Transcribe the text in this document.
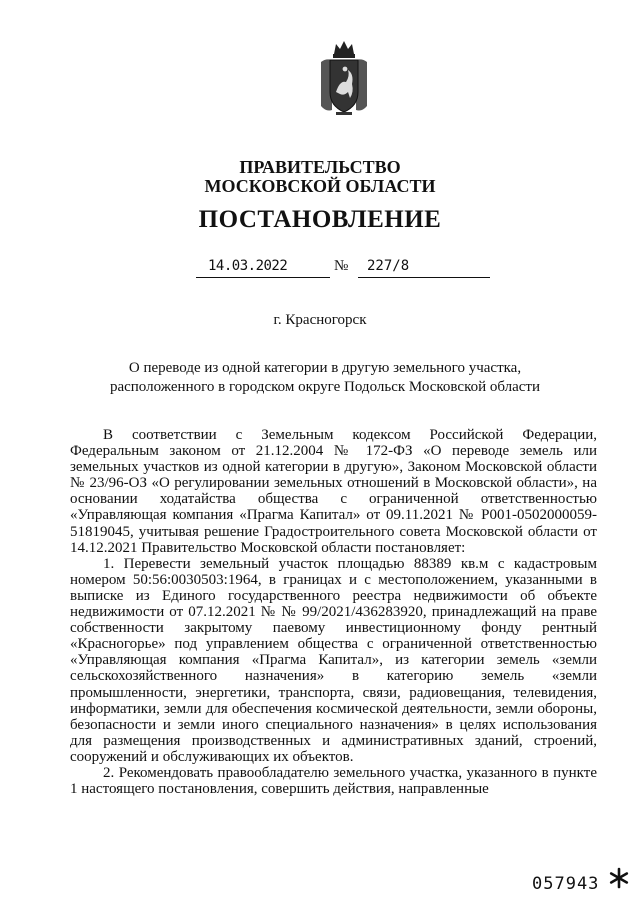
ПРАВИТЕЛЬСТВО
МОСКОВСКОЙ ОБЛАСТИ
ПОСТАНОВЛЕНИЕ
14.03.2022	№ 227/8
г. Красногорск
О переводе из одной категории в другую земельного участка,
расположенного в городском округе Подольск Московской области

В соответствии с Земельным кодексом Российской Федерации, Федеральным законом от 21.12.2004 № 172-ФЗ «О переводе земель или земельных участков из одной категории в другую», Законом Московской области № 23/96-ОЗ «О регулировании земельных отношений в Московской области», на основании ходатайства общества с ограниченной ответственностью «Управляющая компания «Прагма Капитал» от 09.11.2021 № Р001-0502000059-51819045, учитывая решение Градостроительного совета Московской области от 14.12.2021 Правительство Московской области постановляет:

1. Перевести земельный участок площадью 88389 кв.м с кадастровым номером 50:56:0030503:1964, в границах и с местоположением, указанными в выписке из Единого государственного реестра недвижимости об объекте недвижимости от 07.12.2021 № № 99/2021/436283920, принадлежащий на праве собственности закрытому паевому инвестиционному фонду рентный «Красногорье» под управлением общества с ограниченной ответственностью «Управляющая компания «Прагма Капитал», из категории земель «земли сельскохозяйственного назначения» в категорию земель «земли промышленности, энергетики, транспорта, связи, радиовещания, телевидения, информатики, земли для обеспечения космической деятельности, земли обороны, безопасности и земли иного специального назначения» в целях использования для размещения производственных и административных зданий, строений, сооружений и обслуживающих их объектов.

2. Рекомендовать правообладателю земельного участка, указанного в пункте 1 настоящего постановления, совершить действия, направленные

057943
